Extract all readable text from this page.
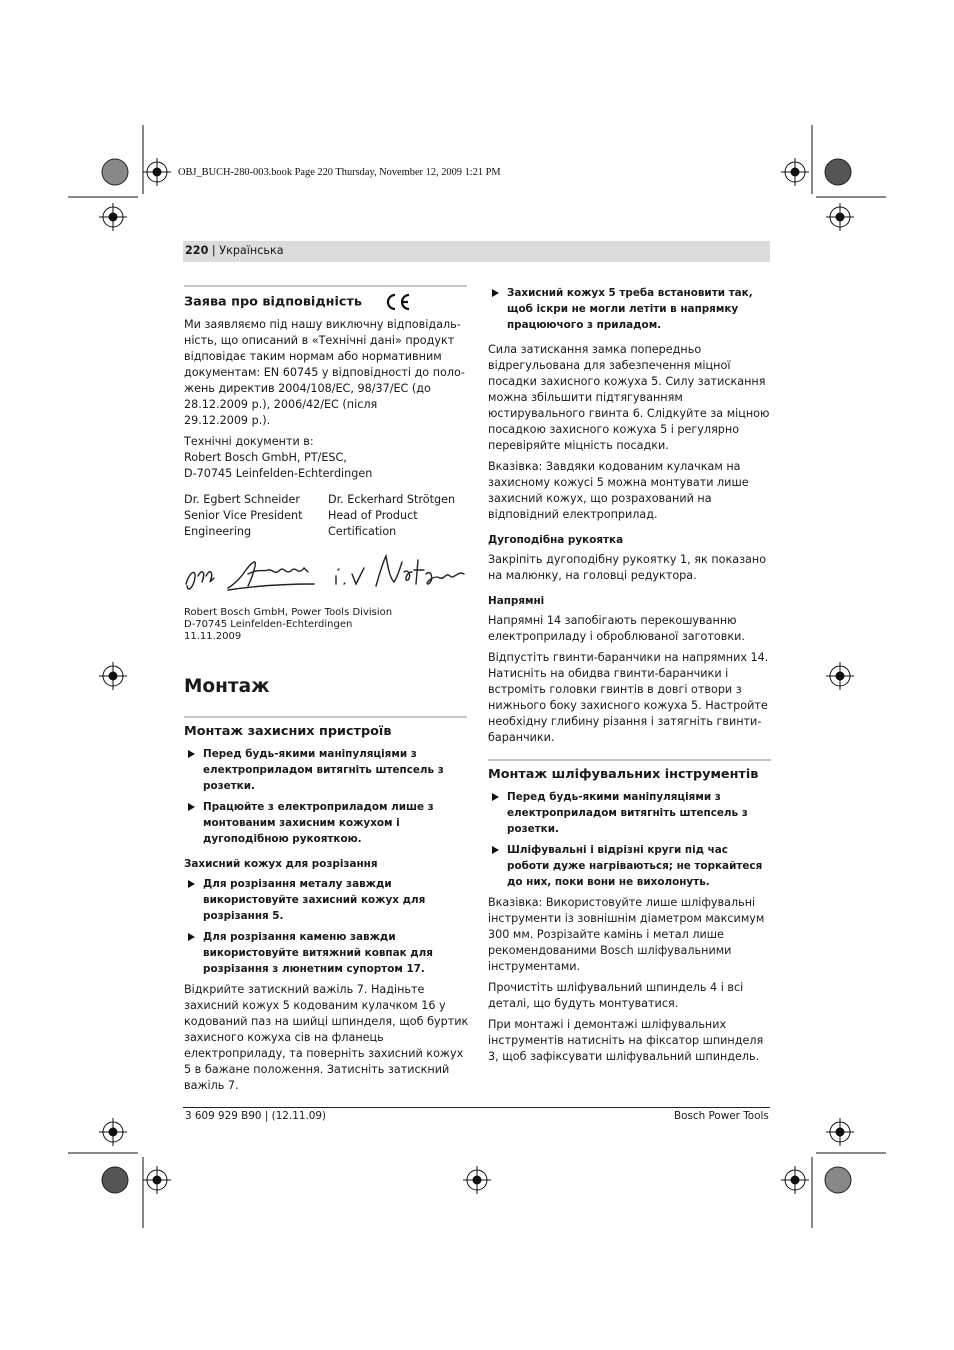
OBJ_BUCH-280-003.book Page 220 Thursday, November 12, 2009 1:21 PM
220 | Українська
Заява про відповідність

Ми заявляємо під нашу виключну відповідаль-
ність, що описаний в «Технічні дані» продукт
відповідає таким нормам або нормативним
документам: EN 60745 у відповідності до поло-
жень директив 2004/108/EC, 98/37/EC (до
28.12.2009 р.), 2006/42/EC (після
29.12.2009 р.).

Технічні документи в:
Robert Bosch GmbH, PT/ESC,
D-70745 Leinfelden-Echterdingen

Dr. Egbert Schneider
Senior Vice President
Engineering
Dr. Eckerhard Strötgen
Head of Product
Certification

Robert Bosch GmbH, Power Tools Division
D-70745 Leinfelden-Echterdingen
11.11.2009

Монтаж
Монтаж захисних пристроїв
Перед будь-якими маніпуляціями з
електроприладом витягніть штепсель з
розетки.
Працюйте з електроприладом лише з
монтованим захисним кожухом і
дугоподібною рукояткою.
Захисний кожух для розрізання
Для розрізання металу завжди
використовуйте захисний кожух для
розрізання 5.
Для розрізання каменю завжди
використовуйте витяжний ковпак для
розрізання з люнетним супортом 17.

Відкрийте затискний важіль 7. Надіньте
захисний кожух 5 кодованим кулачком 16 у
кодований паз на шийці шпинделя, щоб буртик
захисного кожуха сів на фланець
електроприладу, та поверніть захисний кожух
5 в бажане положення. Затисніть затискний
важіль 7.

Захисний кожух 5 треба встановити так,
щоб іскри не могли летіти в напрямку
працюючого з приладом.

Сила затискання замка попередньо
відрегульована для забезпечення міцної
посадки захисного кожуха 5. Силу затискання
можна збільшити підтягуванням
юстирувального гвинта 6. Слідкуйте за міцною
посадкою захисного кожуха 5 і регулярно
перевіряйте міцність посадки.

Вказівка: Завдяки кодованим кулачкам на
захисному кожусі 5 можна монтувати лише
захисний кожух, що розрахований на
відповідний електроприлад.

Дугоподібна рукоятка

Закріпіть дугоподібну рукоятку 1, як показано
на малюнку, на головці редуктора.

Напрямні

Напрямні 14 запобігають перекошуванню
електроприладу і оброблюваної заготовки.

Відпустіть гвинти-баранчики на напрямних 14.
Натисніть на обидва гвинти-баранчики і
встроміть головки гвинтів в довгі отвори з
нижнього боку захисного кожуха 5. Настройте
необхідну глибину різання і затягніть гвинти-
баранчики.

Монтаж шліфувальних інструментів
Перед будь-якими маніпуляціями з
електроприладом витягніть штепсель з
розетки.
Шліфувальні і відрізні круги під час
роботи дуже нагріваються; не торкайтеся
до них, поки вони не вихолонуть.

Вказівка: Використовуйте лише шліфувальні
інструменти із зовнішнім діаметром максимум
300 мм. Розрізайте камінь і метал лише
рекомендованими Bosch шліфувальними
інструментами.

Прочистіть шліфувальний шпиндель 4 і всі
деталі, що будуть монтуватися.

При монтажі і демонтажі шліфувальних
інструментів натисніть на фіксатор шпинделя
3, щоб зафіксувати шліфувальний шпиндель.

3 609 929 B90 | (12.11.09)	Bosch Power Tools
